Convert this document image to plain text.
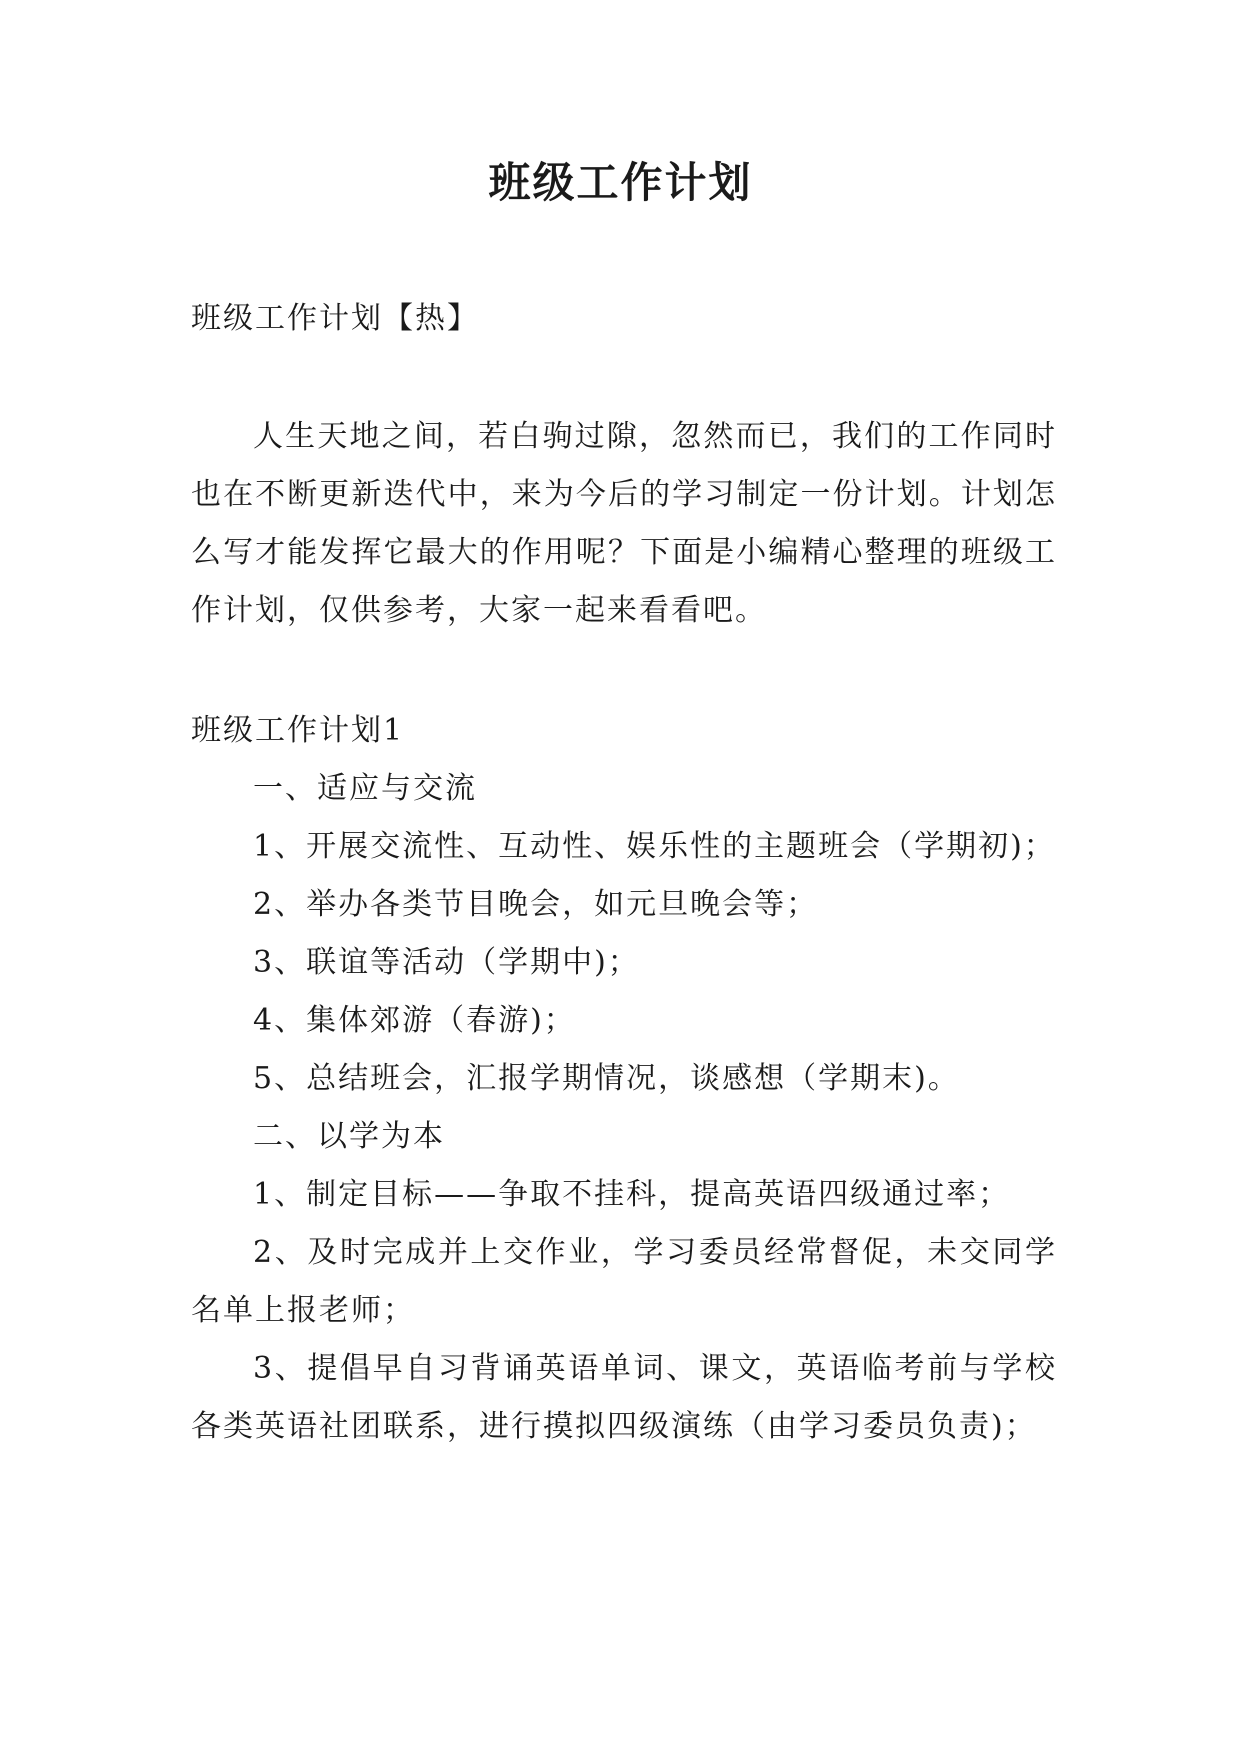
班级工作计划

班级工作计划【热】

人生天地之间，若白驹过隙，忽然而已，我们的工作同时也在不断更新迭代中，来为今后的学习制定一份计划。计划怎么写才能发挥它最大的作用呢？下面是小编精心整理的班级工作计划，仅供参考，大家一起来看看吧。

班级工作计划1

一、适应与交流

1、开展交流性、互动性、娱乐性的主题班会（学期初)；

2、举办各类节目晚会，如元旦晚会等；

3、联谊等活动（学期中)；

4、集体郊游（春游)；

5、总结班会，汇报学期情况，谈感想（学期末)。

二、以学为本

1、制定目标——争取不挂科，提高英语四级通过率；

2、及时完成并上交作业，学习委员经常督促，未交同学名单上报老师；

3、提倡早自习背诵英语单词、课文，英语临考前与学校各类英语社团联系，进行摸拟四级演练（由学习委员负责)；
